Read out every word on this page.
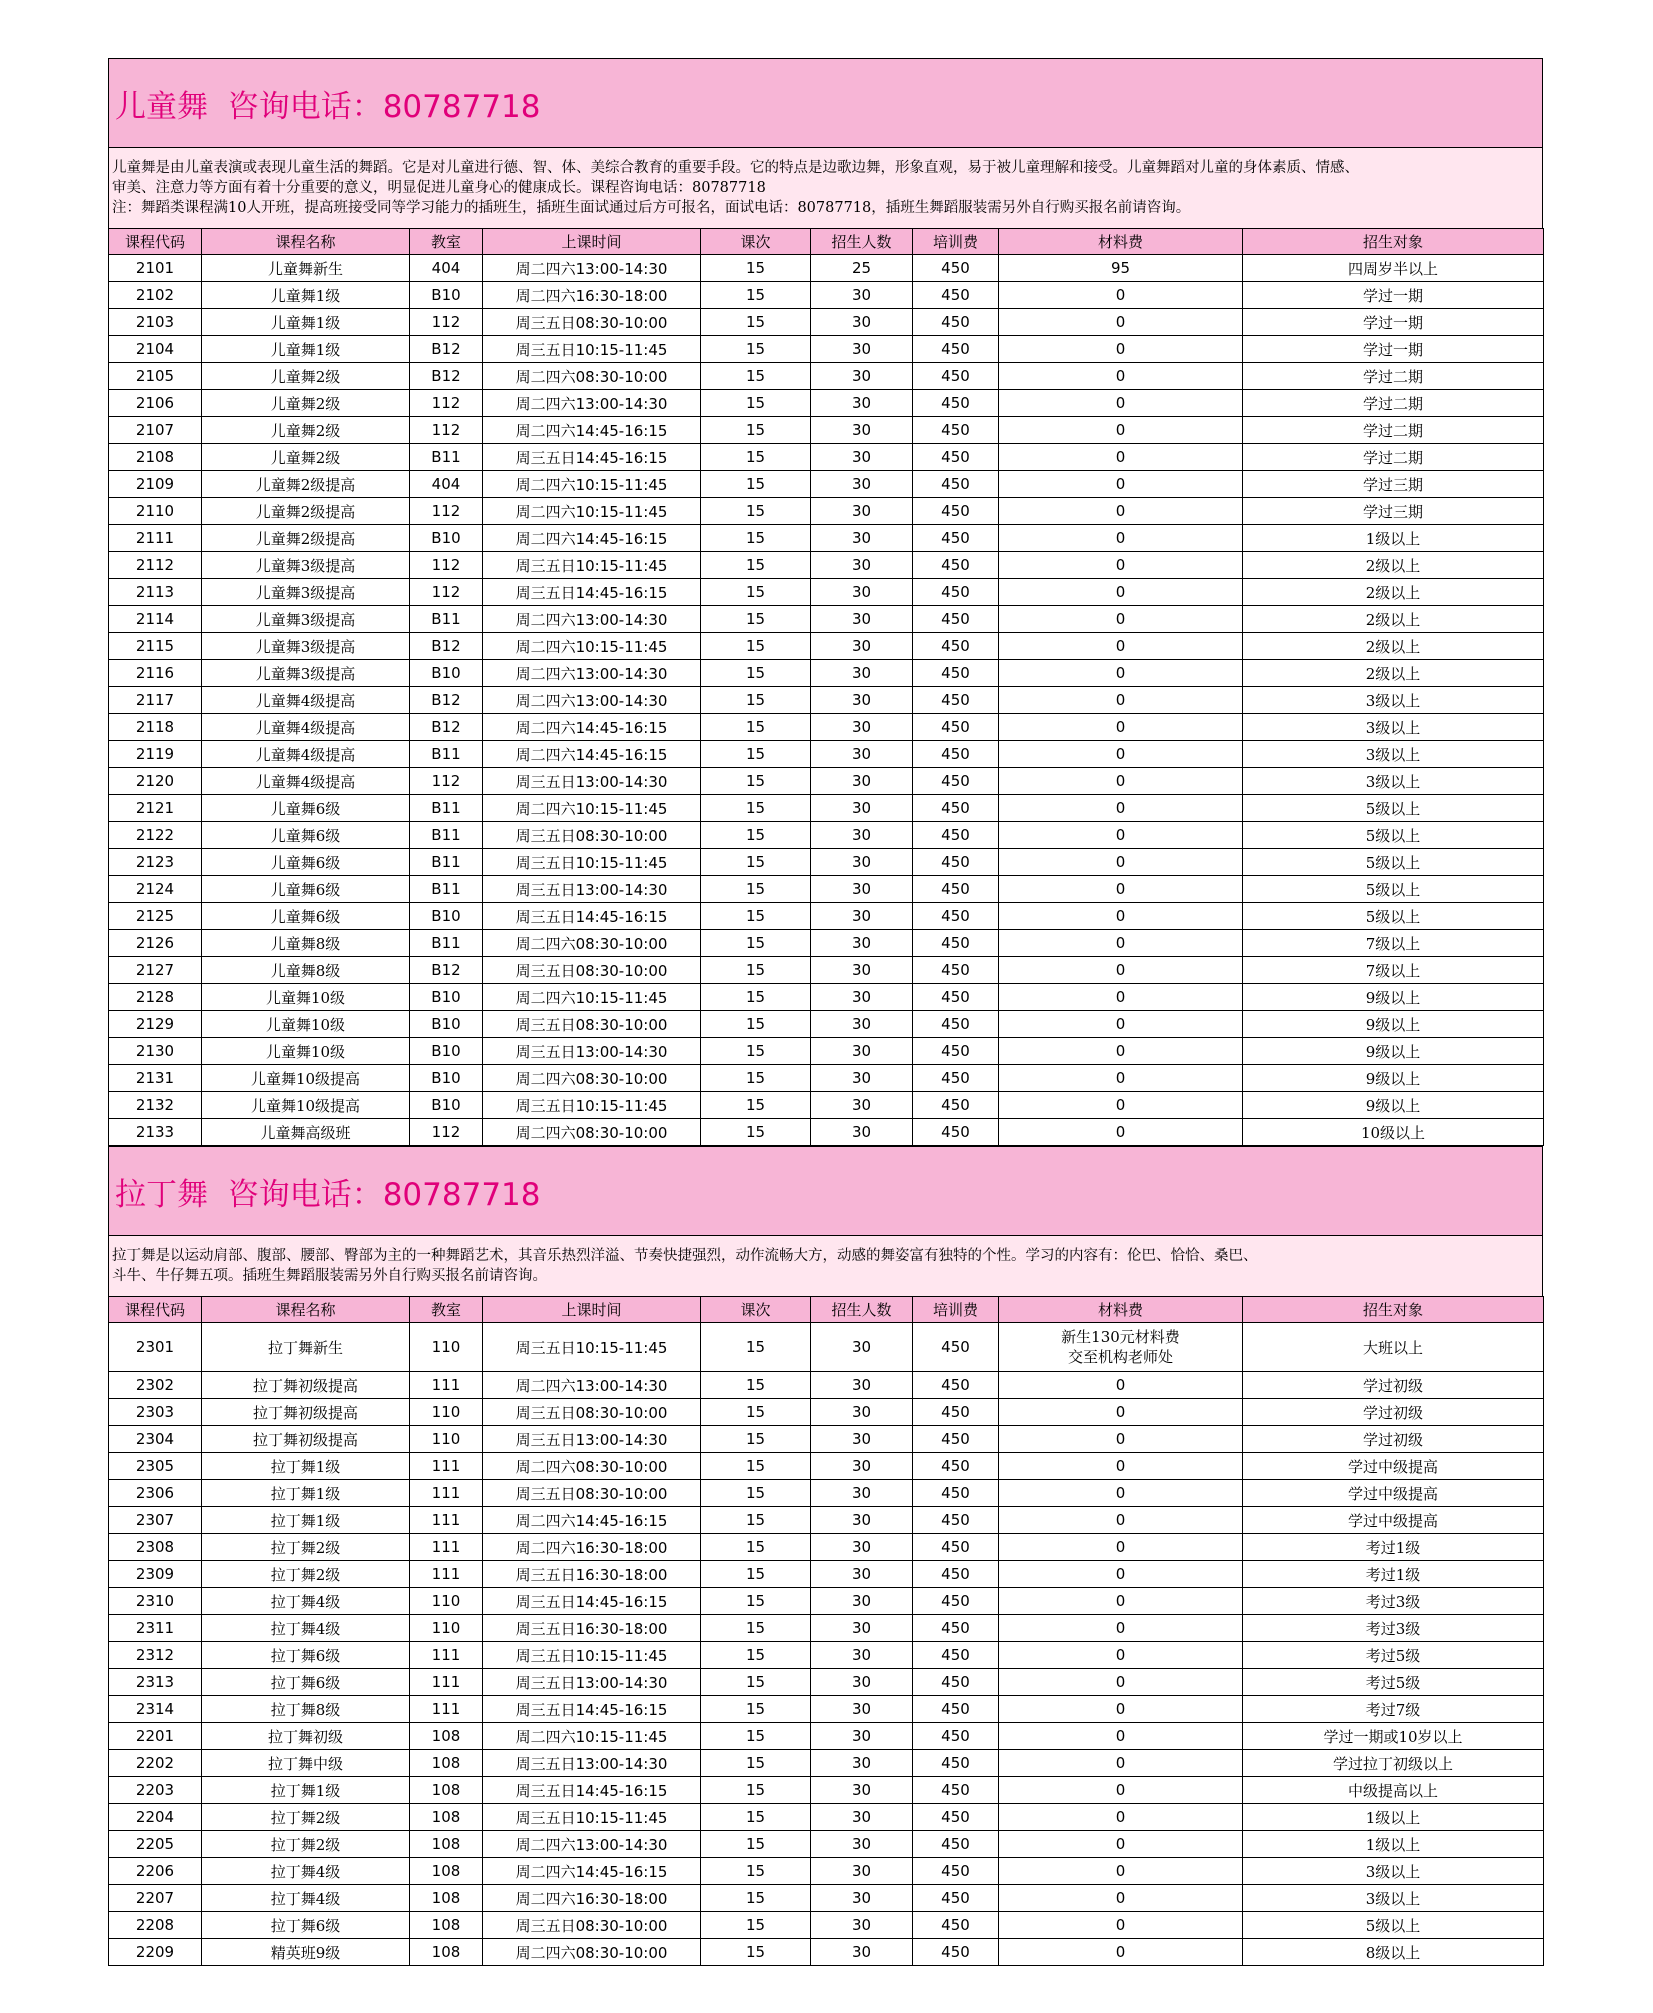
儿童舞  咨询电话：80787718
儿童舞是由儿童表演或表现儿童生活的舞蹈。它是对儿童进行德、智、体、美综合教育的重要手段。它的特点是边歌边舞，形象直观，易于被儿童理解和接受。儿童舞蹈对儿童的身体素质、情感、
审美、注意力等方面有着十分重要的意义，明显促进儿童身心的健康成长。课程咨询电话：80787718
注：舞蹈类课程满10人开班，提高班接受同等学习能力的插班生，插班生面试通过后方可报名，面试电话：80787718，插班生舞蹈服装需另外自行购买报名前请咨询。
课程代码	课程名称	教室	上课时间	课次	招生人数	培训费	材料费	招生对象
2101	儿童舞新生	404	周二四六13:00-14:30	15	25	450	95	四周岁半以上
2102	儿童舞1级	B10	周二四六16:30-18:00	15	30	450	0	学过一期
2103	儿童舞1级	112	周三五日08:30-10:00	15	30	450	0	学过一期
2104	儿童舞1级	B12	周三五日10:15-11:45	15	30	450	0	学过一期
2105	儿童舞2级	B12	周二四六08:30-10:00	15	30	450	0	学过二期
2106	儿童舞2级	112	周二四六13:00-14:30	15	30	450	0	学过二期
2107	儿童舞2级	112	周二四六14:45-16:15	15	30	450	0	学过二期
2108	儿童舞2级	B11	周三五日14:45-16:15	15	30	450	0	学过二期
2109	儿童舞2级提高	404	周二四六10:15-11:45	15	30	450	0	学过三期
2110	儿童舞2级提高	112	周二四六10:15-11:45	15	30	450	0	学过三期
2111	儿童舞2级提高	B10	周二四六14:45-16:15	15	30	450	0	1级以上
2112	儿童舞3级提高	112	周三五日10:15-11:45	15	30	450	0	2级以上
2113	儿童舞3级提高	112	周三五日14:45-16:15	15	30	450	0	2级以上
2114	儿童舞3级提高	B11	周二四六13:00-14:30	15	30	450	0	2级以上
2115	儿童舞3级提高	B12	周二四六10:15-11:45	15	30	450	0	2级以上
2116	儿童舞3级提高	B10	周二四六13:00-14:30	15	30	450	0	2级以上
2117	儿童舞4级提高	B12	周二四六13:00-14:30	15	30	450	0	3级以上
2118	儿童舞4级提高	B12	周二四六14:45-16:15	15	30	450	0	3级以上
2119	儿童舞4级提高	B11	周二四六14:45-16:15	15	30	450	0	3级以上
2120	儿童舞4级提高	112	周三五日13:00-14:30	15	30	450	0	3级以上
2121	儿童舞6级	B11	周二四六10:15-11:45	15	30	450	0	5级以上
2122	儿童舞6级	B11	周三五日08:30-10:00	15	30	450	0	5级以上
2123	儿童舞6级	B11	周三五日10:15-11:45	15	30	450	0	5级以上
2124	儿童舞6级	B11	周三五日13:00-14:30	15	30	450	0	5级以上
2125	儿童舞6级	B10	周三五日14:45-16:15	15	30	450	0	5级以上
2126	儿童舞8级	B11	周二四六08:30-10:00	15	30	450	0	7级以上
2127	儿童舞8级	B12	周三五日08:30-10:00	15	30	450	0	7级以上
2128	儿童舞10级	B10	周二四六10:15-11:45	15	30	450	0	9级以上
2129	儿童舞10级	B10	周三五日08:30-10:00	15	30	450	0	9级以上
2130	儿童舞10级	B10	周三五日13:00-14:30	15	30	450	0	9级以上
2131	儿童舞10级提高	B10	周二四六08:30-10:00	15	30	450	0	9级以上
2132	儿童舞10级提高	B10	周三五日10:15-11:45	15	30	450	0	9级以上
2133	儿童舞高级班	112	周二四六08:30-10:00	15	30	450	0	10级以上
拉丁舞  咨询电话：80787718
拉丁舞是以运动肩部、腹部、腰部、臀部为主的一种舞蹈艺术，其音乐热烈洋溢、节奏快捷强烈，动作流畅大方，动感的舞姿富有独特的个性。学习的内容有：伦巴、恰恰、桑巴、
斗牛、牛仔舞五项。插班生舞蹈服装需另外自行购买报名前请咨询。
课程代码	课程名称	教室	上课时间	课次	招生人数	培训费	材料费	招生对象
2301	拉丁舞新生	110	周三五日10:15-11:45	15	30	450	新生130元材料费
交至机构老师处	大班以上
2302	拉丁舞初级提高	111	周二四六13:00-14:30	15	30	450	0	学过初级
2303	拉丁舞初级提高	110	周三五日08:30-10:00	15	30	450	0	学过初级
2304	拉丁舞初级提高	110	周三五日13:00-14:30	15	30	450	0	学过初级
2305	拉丁舞1级	111	周二四六08:30-10:00	15	30	450	0	学过中级提高
2306	拉丁舞1级	111	周三五日08:30-10:00	15	30	450	0	学过中级提高
2307	拉丁舞1级	111	周二四六14:45-16:15	15	30	450	0	学过中级提高
2308	拉丁舞2级	111	周二四六16:30-18:00	15	30	450	0	考过1级
2309	拉丁舞2级	111	周三五日16:30-18:00	15	30	450	0	考过1级
2310	拉丁舞4级	110	周三五日14:45-16:15	15	30	450	0	考过3级
2311	拉丁舞4级	110	周三五日16:30-18:00	15	30	450	0	考过3级
2312	拉丁舞6级	111	周三五日10:15-11:45	15	30	450	0	考过5级
2313	拉丁舞6级	111	周三五日13:00-14:30	15	30	450	0	考过5级
2314	拉丁舞8级	111	周三五日14:45-16:15	15	30	450	0	考过7级
2201	拉丁舞初级	108	周二四六10:15-11:45	15	30	450	0	学过一期或10岁以上
2202	拉丁舞中级	108	周三五日13:00-14:30	15	30	450	0	学过拉丁初级以上
2203	拉丁舞1级	108	周三五日14:45-16:15	15	30	450	0	中级提高以上
2204	拉丁舞2级	108	周三五日10:15-11:45	15	30	450	0	1级以上
2205	拉丁舞2级	108	周二四六13:00-14:30	15	30	450	0	1级以上
2206	拉丁舞4级	108	周二四六14:45-16:15	15	30	450	0	3级以上
2207	拉丁舞4级	108	周二四六16:30-18:00	15	30	450	0	3级以上
2208	拉丁舞6级	108	周三五日08:30-10:00	15	30	450	0	5级以上
2209	精英班9级	108	周二四六08:30-10:00	15	30	450	0	8级以上
